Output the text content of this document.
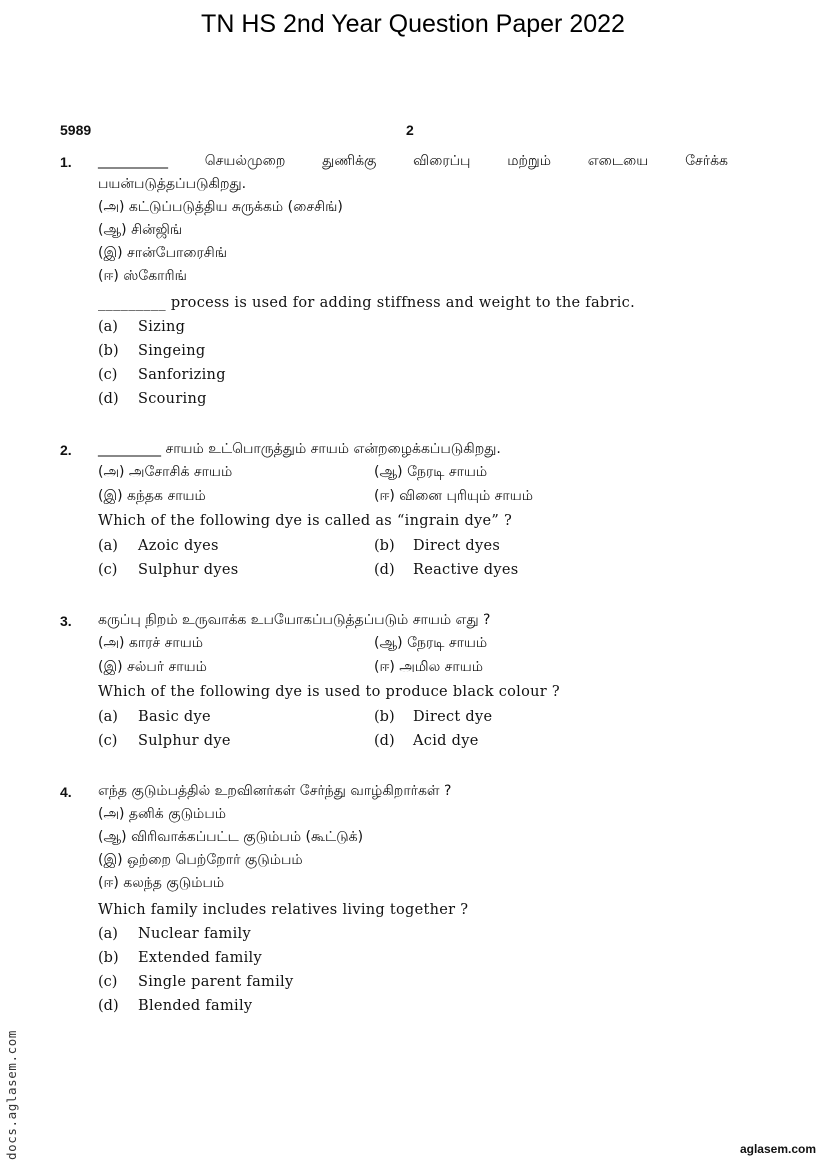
TN HS 2nd Year Question Paper 2022
5989	2
1. __________ செயல்முறை துணிக்கு விரைப்பு மற்றும் எடையை சேர்க்க
பயன்படுத்தப்படுகிறது.
(அ) கட்டுப்படுத்திய சுருக்கம் (சைசிங்)
(ஆ) சின்ஜிங்
(இ) சான்போரைசிங்
(ஈ) ஸ்கோரிங்
_________ process is used for adding stiffness and weight to the fabric.
(a) Sizing
(b) Singeing
(c) Sanforizing
(d) Scouring
2. _________ சாயம் உட்பொருத்தும் சாயம் என்றழைக்கப்படுகிறது.
(அ) அசோசிக் சாயம்	(ஆ) நேரடி சாயம்
(இ) கந்தக சாயம்	(ஈ) வினை புரியும் சாயம்
Which of the following dye is called as “ingrain dye” ?
(a) Azoic dyes	(b) Direct dyes
(c) Sulphur dyes	(d) Reactive dyes
3. கருப்பு நிறம் உருவாக்க உபயோகப்படுத்தப்படும் சாயம் எது ?
(அ) காரச் சாயம்	(ஆ) நேரடி சாயம்
(இ) சல்பர் சாயம்	(ஈ) அமில சாயம்
Which of the following dye is used to produce black colour ?
(a) Basic dye	(b) Direct dye
(c) Sulphur dye	(d) Acid dye
4. எந்த குடும்பத்தில் உறவினர்கள் சேர்ந்து வாழ்கிறார்கள் ?
(அ) தனிக் குடும்பம்
(ஆ) விரிவாக்கப்பட்ட குடும்பம் (கூட்டுக்)
(இ) ஒற்றை பெற்றோர் குடும்பம்
(ஈ) கலந்த குடும்பம்
Which family includes relatives living together ?
(a) Nuclear family
(b) Extended family
(c) Single parent family
(d) Blended family
docs.aglasem.com	aglasem.com
